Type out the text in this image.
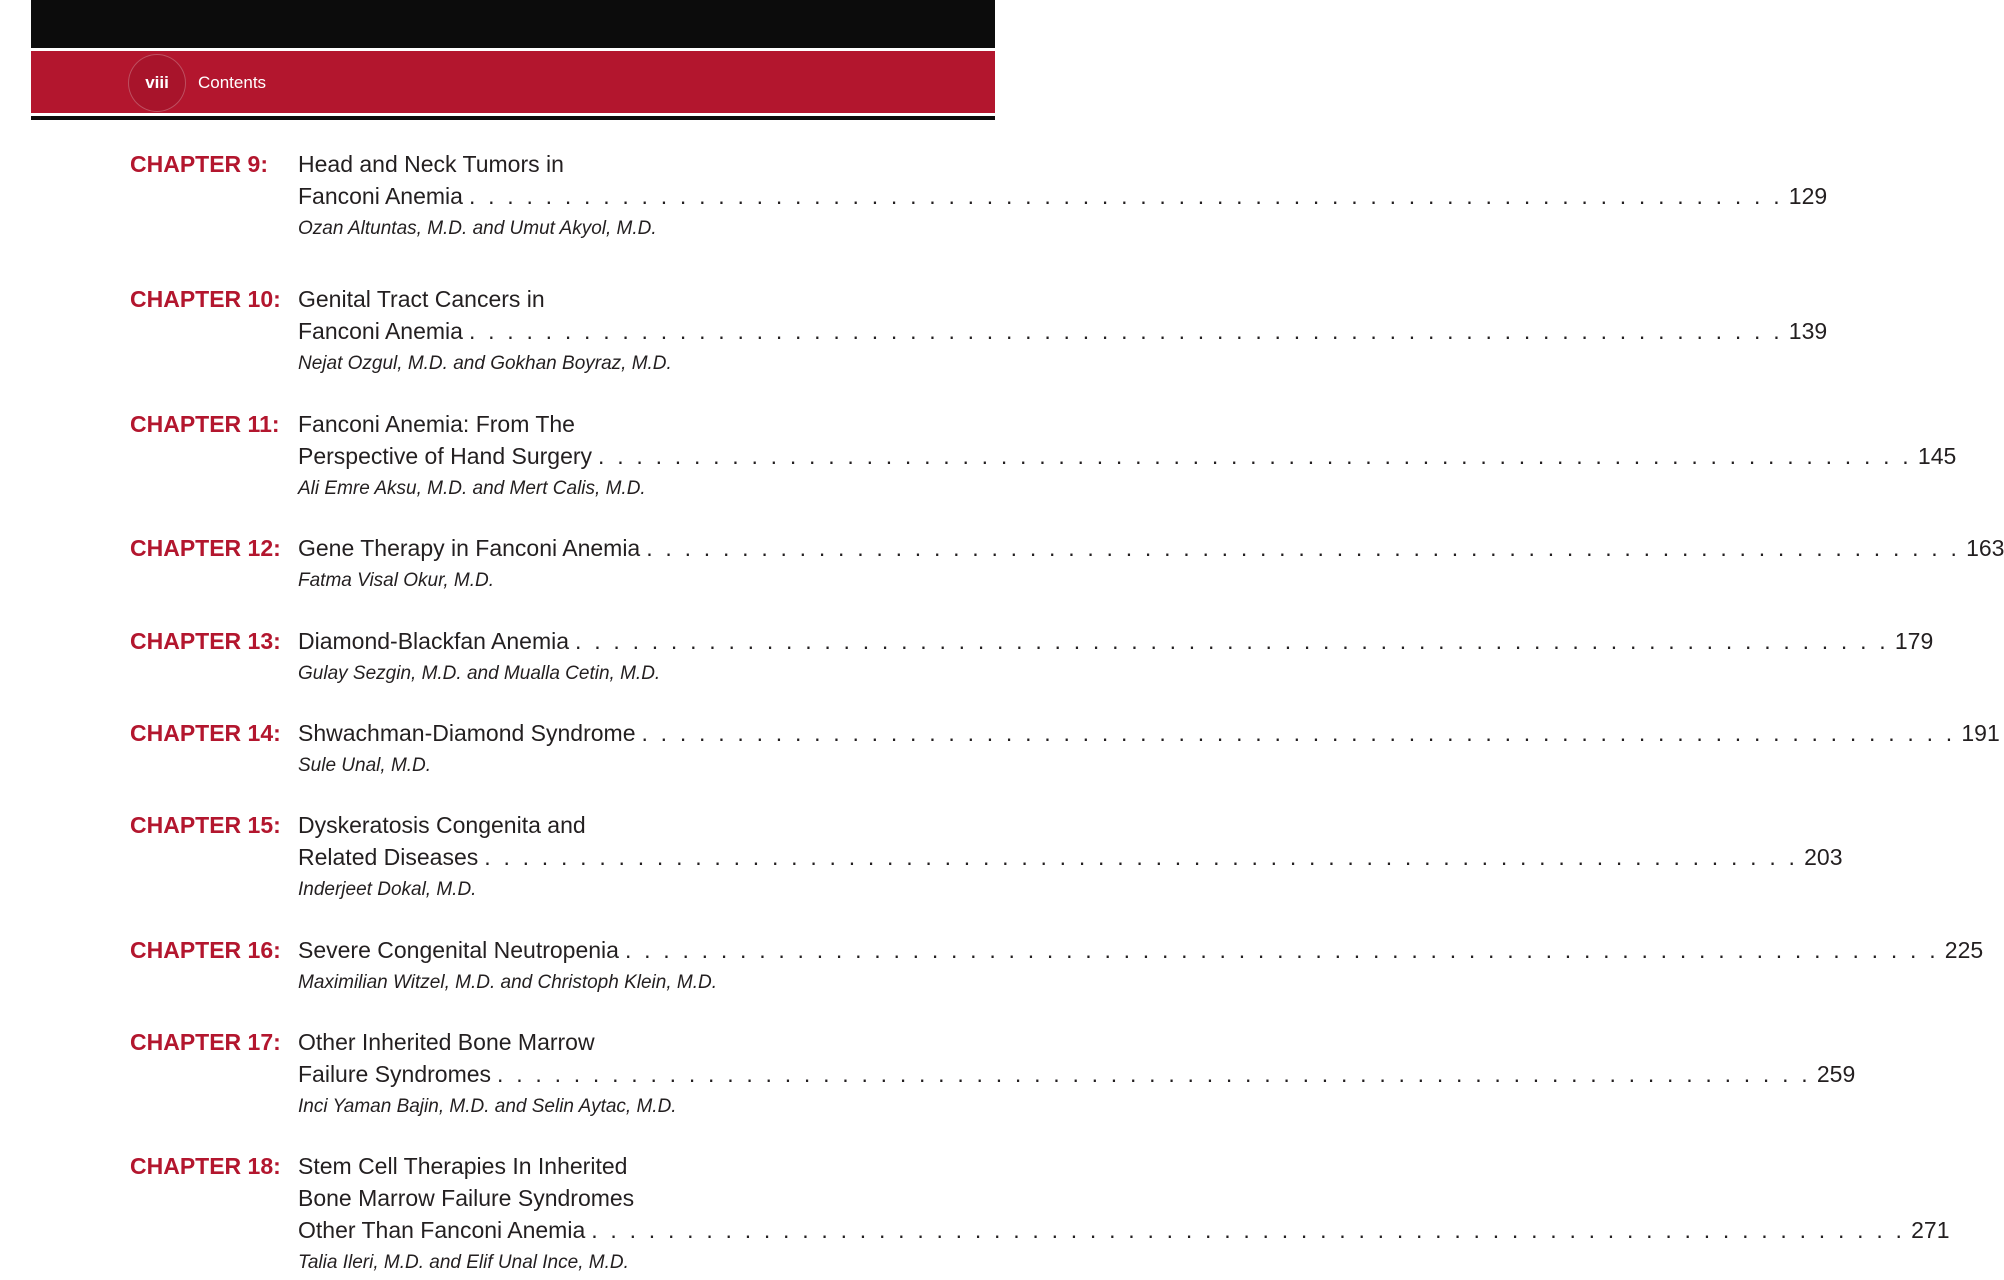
viii	Contents
CHAPTER 9: Head and Neck Tumors in
Fanconi Anemia . . . . . . . . . . . . . . . . . . . . . . . . . . . . . . . . . . . . . . . . . . . . . . . . . . . . . . . . . . . . . . . . . . . . . 129
Ozan Altuntas, M.D. and Umut Akyol, M.D.
CHAPTER 10: Genital Tract Cancers in
Fanconi Anemia . . . . . . . . . . . . . . . . . . . . . . . . . . . . . . . . . . . . . . . . . . . . . . . . . . . . . . . . . . . . . . . . . . . . . 139
Nejat Ozgul, M.D. and Gokhan Boyraz, M.D.
CHAPTER 11: Fanconi Anemia: From The
Perspective of Hand Surgery . . . . . . . . . . . . . . . . . . . . . . . . . . . . . . . . . . . . . . . . . . . . . . . . . . . . . . . . . . . . . . . . . . . . . 145
Ali Emre Aksu, M.D. and Mert Calis, M.D.
CHAPTER 12: Gene Therapy in Fanconi Anemia . . . . . . . . . . . . . . . . . . . . . . . . . . . . . . . . . . . . . . . . . . . . . . . . . . . . . . . . . . . . . . . . . . . . . 163
Fatma Visal Okur, M.D.
CHAPTER 13: Diamond-Blackfan Anemia . . . . . . . . . . . . . . . . . . . . . . . . . . . . . . . . . . . . . . . . . . . . . . . . . . . . . . . . . . . . . . . . . . . . . 179
Gulay Sezgin, M.D. and Mualla Cetin, M.D.
CHAPTER 14: Shwachman-Diamond Syndrome . . . . . . . . . . . . . . . . . . . . . . . . . . . . . . . . . . . . . . . . . . . . . . . . . . . . . . . . . . . . . . . . . . . . . 191
Sule Unal, M.D.
CHAPTER 15: Dyskeratosis Congenita and
Related Diseases . . . . . . . . . . . . . . . . . . . . . . . . . . . . . . . . . . . . . . . . . . . . . . . . . . . . . . . . . . . . . . . . . . . . . 203
Inderjeet Dokal, M.D.
CHAPTER 16: Severe Congenital Neutropenia . . . . . . . . . . . . . . . . . . . . . . . . . . . . . . . . . . . . . . . . . . . . . . . . . . . . . . . . . . . . . . . . . . . . . 225
Maximilian Witzel, M.D. and Christoph Klein, M.D.
CHAPTER 17: Other Inherited Bone Marrow
Failure Syndromes . . . . . . . . . . . . . . . . . . . . . . . . . . . . . . . . . . . . . . . . . . . . . . . . . . . . . . . . . . . . . . . . . . . . . 259
Inci Yaman Bajin, M.D. and Selin Aytac, M.D.
CHAPTER 18: Stem Cell Therapies In Inherited
Bone Marrow Failure Syndromes
Other Than Fanconi Anemia . . . . . . . . . . . . . . . . . . . . . . . . . . . . . . . . . . . . . . . . . . . . . . . . . . . . . . . . . . . . . . . . . . . . . 271
Talia Ileri, M.D. and Elif Unal Ince, M.D.
